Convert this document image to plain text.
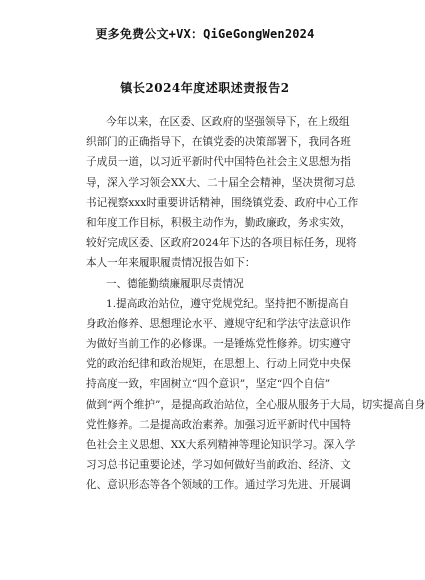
更多免费公文+VX：QiGeGongWen2024
镇长2024年度述职述责报告2
今年以来，在区委、区政府的坚强领导下，在上级组
织部门的正确指导下，在镇党委的决策部署下，我同各班
子成员一道，以习近平新时代中国特色社会主义思想为指
导，深入学习领会XX大、二十届全会精神，坚决贯彻习总
书记视察xxx时重要讲话精神，围绕镇党委、政府中心工作
和年度工作目标，积极主动作为，勤政廉政，务求实效，
较好完成区委、区政府2024年下达的各项目标任务，现将
本人一年来履职履责情况报告如下：
一、德能勤绩廉履职尽责情况
1.提高政治站位，遵守党规党纪。坚持把不断提高自
身政治修养、思想理论水平、遵规守纪和学法守法意识作
为做好当前工作的必修课。一是锤炼党性修养。切实遵守
党的政治纪律和政治规矩，在思想上、行动上同党中央保
持高度一致，牢固树立“四个意识”，坚定“四个自信”
做到“两个维护”，是提高政治站位，全心服从服务于大局，切实提高自身
党性修养。二是提高政治素养。加强习近平新时代中国特
色社会主义思想、XX大系列精神等理论知识学习。深入学
习习总书记重要论述，学习如何做好当前政治、经济、文
化、意识形态等各个领域的工作。通过学习先进、开展调
